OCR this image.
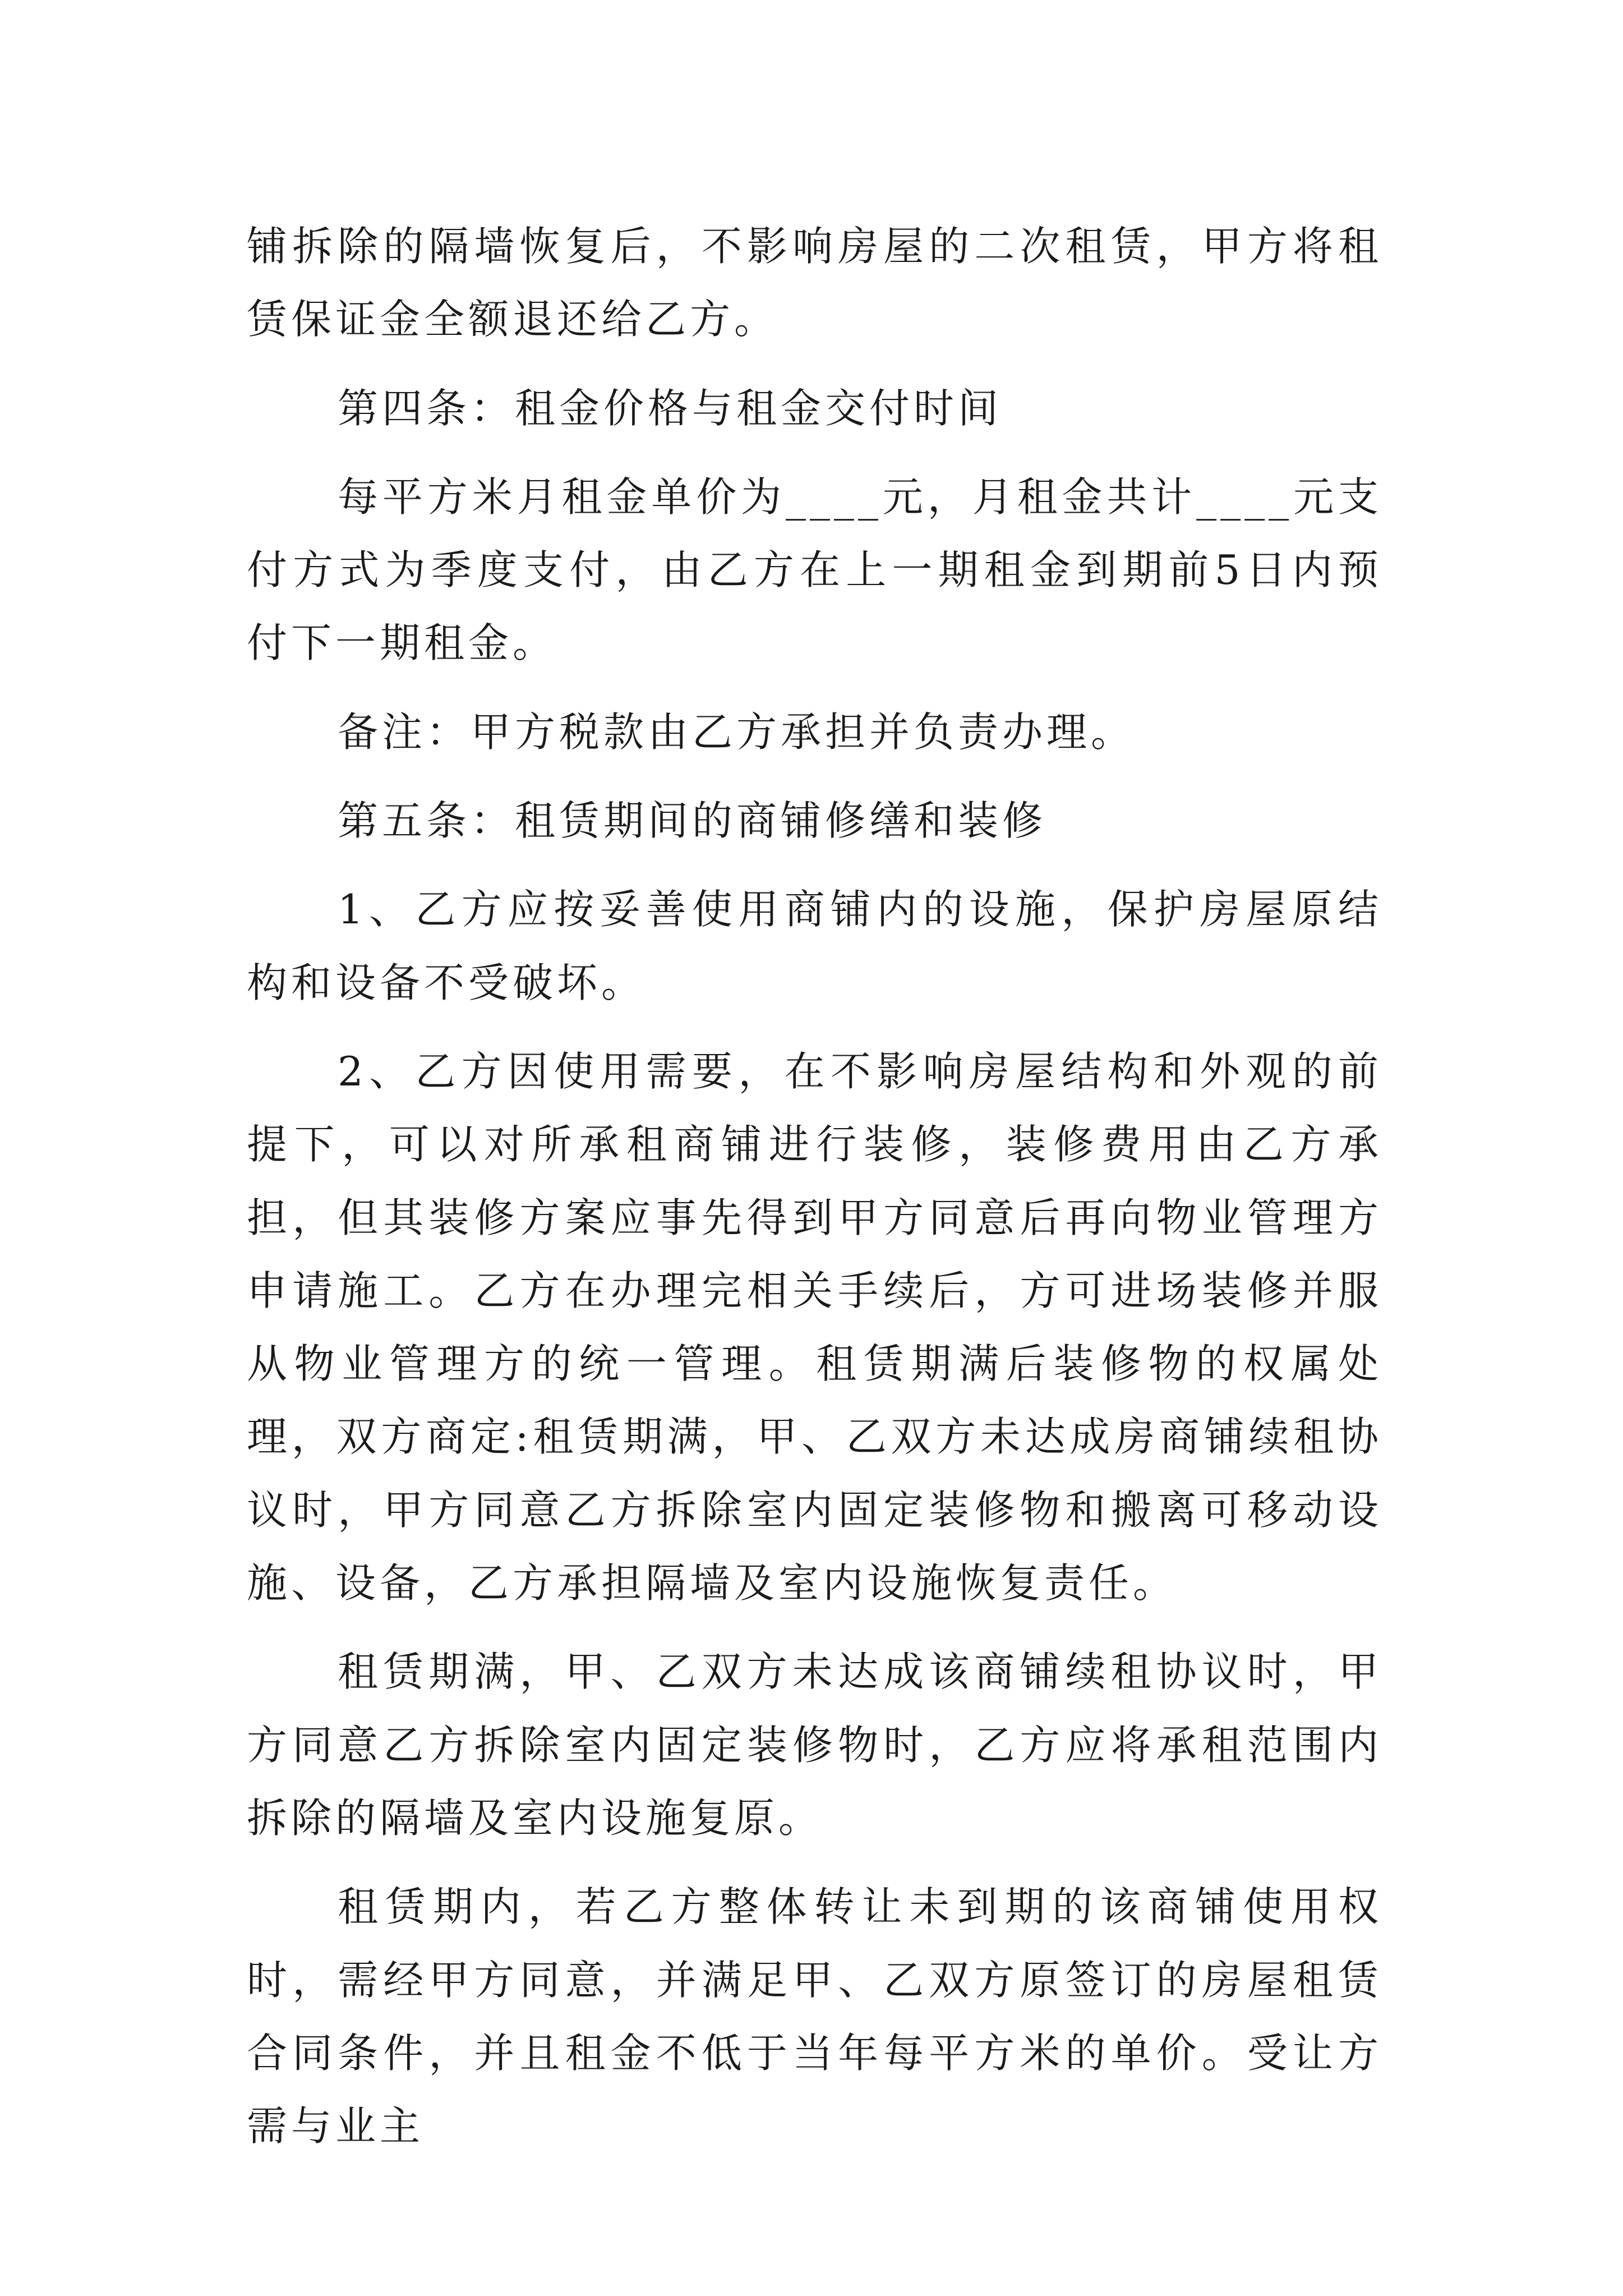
铺拆除的隔墙恢复后，不影响房屋的二次租赁，甲方将租赁保证金全额退还给乙方。

第四条：租金价格与租金交付时间

每平方米月租金单价为____元，月租金共计____元支付方式为季度支付，由乙方在上一期租金到期前5日内预付下一期租金。

备注：甲方税款由乙方承担并负责办理。

第五条：租赁期间的商铺修缮和装修

1、乙方应按妥善使用商铺内的设施，保护房屋原结构和设备不受破坏。

2、乙方因使用需要，在不影响房屋结构和外观的前提下，可以对所承租商铺进行装修，装修费用由乙方承担，但其装修方案应事先得到甲方同意后再向物业管理方申请施工。乙方在办理完相关手续后，方可进场装修并服从物业管理方的统一管理。租赁期满后装修物的权属处理，双方商定:租赁期满，甲、乙双方未达成房商铺续租协议时，甲方同意乙方拆除室内固定装修物和搬离可移动设施、设备，乙方承担隔墙及室内设施恢复责任。

租赁期满，甲、乙双方未达成该商铺续租协议时，甲方同意乙方拆除室内固定装修物时，乙方应将承租范围内拆除的隔墙及室内设施复原。

租赁期内，若乙方整体转让未到期的该商铺使用权时，需经甲方同意，并满足甲、乙双方原签订的房屋租赁合同条件，并且租金不低于当年每平方米的单价。受让方需与业主
